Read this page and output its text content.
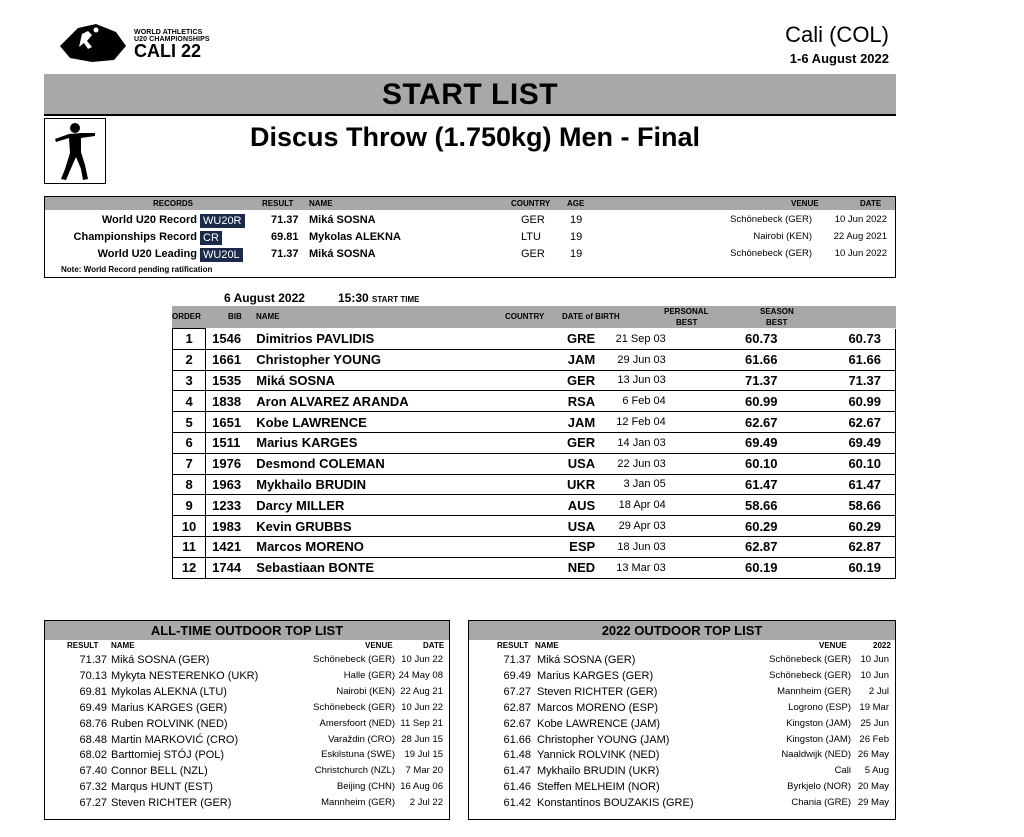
WORLD ATHLETICS
U20 CHAMPIONSHIPS
CALI 22
Cali (COL)
1-6 August 2022
START LIST
Discus Throw (1.750kg) Men - Final
RECORDS	RESULT NAME	COUNTRY AGE	VENUE	DATE
World U20 Record WU20R	71.37 Miká SOSNA	GER 19	Schönebeck (GER) 10 Jun 2022
Championships Record CR	69.81 Mykolas ALEKNA	LTU	19	Nairobi (KEN) 22 Aug 2021
World U20 Leading WU20L	71.37 Miká SOSNA	GER 19	Schönebeck (GER) 10 Jun 2022
Note: World Record pending ratification
6 August 2022	15:30 START TIME
ORDER	BIB NAME	COUNTRY DATE of BIRTH
PERSONAL
BEST
SEASON
BEST
1	1546	Dimitrios PAVLIDIS	GRE	21 Sep 03	60.73	60.73
2	1661	Christopher YOUNG	JAM	29 Jun 03	61.66	61.66
3	1535	Miká SOSNA	GER	13 Jun 03	71.37	71.37
4	1838	Aron ALVAREZ ARANDA	RSA	6 Feb 04	60.99	60.99
5	1651	Kobe LAWRENCE	JAM	12 Feb 04	62.67	62.67
6	1511	Marius KARGES	GER	14 Jan 03	69.49	69.49
7	1976	Desmond COLEMAN	USA	22 Jun 03	60.10	60.10
8	1963	Mykhailo BRUDIN	UKR	3 Jan 05	61.47	61.47
9	1233	Darcy MILLER	AUS	18 Apr 04	58.66	58.66
10	1983	Kevin GRUBBS	USA	29 Apr 03	60.29	60.29
11	1421	Marcos MORENO	ESP	18 Jun 03	62.87	62.87
12	1744	Sebastiaan BONTE	NED	13 Mar 03	60.19	60.19
ALL-TIME OUTDOOR TOP LIST
RESULT NAME	VENUE	DATE
71.37 Miká SOSNA (GER)	Schönebeck (GER) 10 Jun 22
70.13 Mykyta NESTERENKO (UKR)	Halle (GER) 24 May 08
69.81 Mykolas ALEKNA (LTU)	Nairobi (KEN) 22 Aug 21
69.49 Marius KARGES (GER)	Schönebeck (GER) 10 Jun 22
68.76 Ruben ROLVINK (NED)	Amersfoort (NED) 11 Sep 21
68.48 Martin MARKOVIĆ (CRO)	Varaždin (CRO) 28 Jun 15
68.02 Barttomiej STÓJ (POL)	Eskilstuna (SWE) 19 Jul 15
67.40 Connor BELL (NZL)	Christchurch (NZL) 7 Mar 20
67.32 Marqus HUNT (EST)	Beijing (CHN) 16 Aug 06
67.27 Steven RICHTER (GER)	Mannheim (GER) 2 Jul 22
2022 OUTDOOR TOP LIST
RESULT NAME	VENUE	2022
71.37 Miká SOSNA (GER)	Schönebeck (GER) 10 Jun
69.49 Marius KARGES (GER)	Schönebeck (GER) 10 Jun
67.27 Steven RICHTER (GER)	Mannheim (GER) 2 Jul
62.87 Marcos MORENO (ESP)	Logrono (ESP) 19 Mar
62.67 Kobe LAWRENCE (JAM)	Kingston (JAM) 25 Jun
61.66 Christopher YOUNG (JAM)	Kingston (JAM) 26 Feb
61.48 Yannick ROLVINK (NED)	Naaldwijk (NED) 26 May
61.47 Mykhailo BRUDIN (UKR)	Cali 5 Aug
61.46 Steffen MELHEIM (NOR)	Byrkjelo (NOR) 20 May
61.42 Konstantinos BOUZAKIS (GRE)	Chania (GRE) 29 May
